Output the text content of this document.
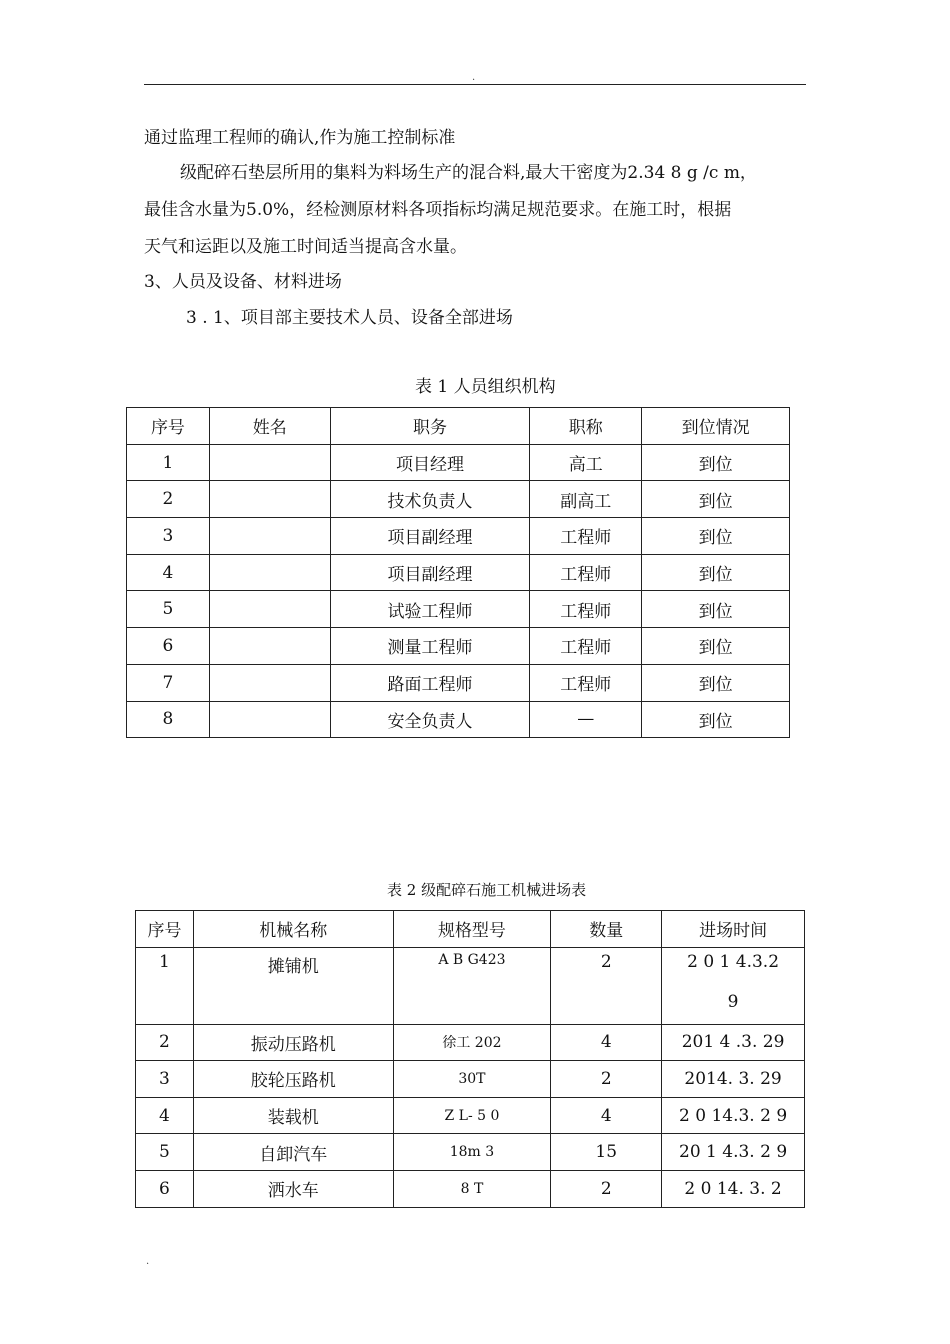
.
通过监理工程师的确认,作为施工控制标准
级配碎石垫层所用的集料为料场生产的混合料,最大干密度为2.34 8 g /c m，
最佳含水量为5.0%，经检测原材料各项指标均满足规范要求。在施工时，根据
天气和运距以及施工时间适当提高含水量。
3、人员及设备、材料进场
3 . 1、项目部主要技术人员、设备全部进场
表 1 人员组织机构
序号	姓名	职务	职称	到位情况
1		项目经理	高工	到位
2		技术负责人	副高工	到位
3		项目副经理	工程师	到位
4		项目副经理	工程师	到位
5		试验工程师	工程师	到位
6		测量工程师	工程师	到位
7		路面工程师	工程师	到位
8		安全负责人	—	到位
表 2 级配碎石施工机械进场表
序号	机械名称	规格型号	数量	进场时间
1	摊铺机	A B G423	2	2 0 1 4.3.2

9
2	振动压路机	徐工 202	4	201 4 .3. 29
3	胶轮压路机	30T	2	2014. 3. 29
4	装载机	Z L- 5 0	4	2 0 14.3. 2 9
5	自卸汽车	18m 3	15	20 1 4.3. 2 9
6	洒水车	8 T	2	2 0 14. 3. 2
.
